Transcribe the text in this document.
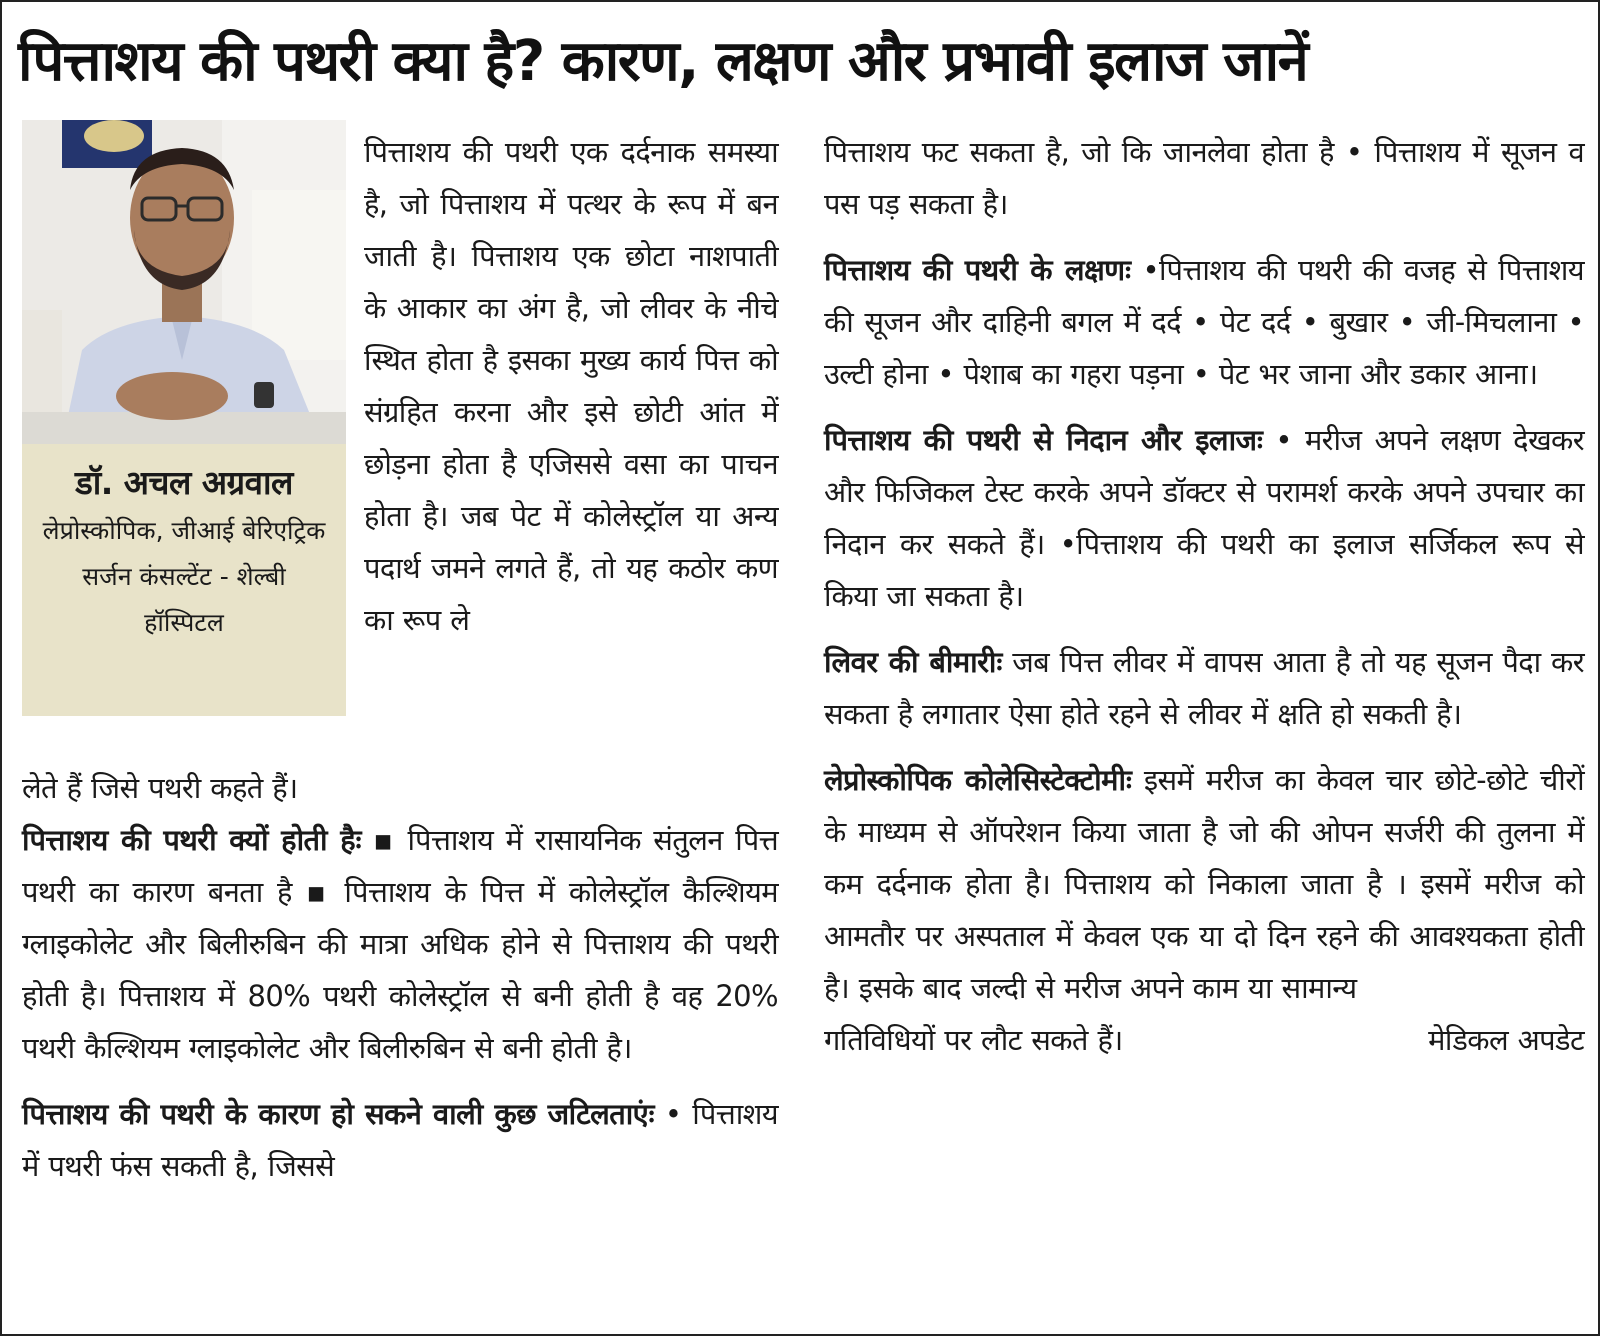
पित्ताशय की पथरी क्या है? कारण, लक्षण और प्रभावी इलाज जानें
डॉ. अचल अग्रवाल
लेप्रोस्कोपिक, जीआई बेरिएट्रिक सर्जन कंसल्टेंट - शेल्बी हॉस्पिटल
पित्ताशय की पथरी एक दर्दनाक समस्या है, जो पित्ताशय में पत्थर के रूप में बन जाती है। पित्ताशय एक छोटा नाशपाती के आकार का अंग है, जो लीवर के नीचे स्थित होता है इसका मुख्य कार्य पित्त को संग्रहित करना और इसे छोटी आंत में छोड़ना होता है एजिससे वसा का पाचन होता है। जब पेट में कोलेस्ट्रॉल या अन्य पदार्थ जमने लगते हैं, तो यह कठोर कण का रूप ले
लेते हैं जिसे पथरी कहते हैं।
पित्ताशय की पथरी क्यों होती हैः ▪ पित्ताशय में रासायनिक संतुलन पित्त पथरी का कारण बनता है ▪ पित्ताशय के पित्त में कोलेस्ट्रॉल कैल्शियम ग्लाइकोलेट और बिलीरुबिन की मात्रा अधिक होने से पित्ताशय की पथरी होती है। पित्ताशय में 80% पथरी कोलेस्ट्रॉल से बनी होती है वह 20% पथरी कैल्शियम ग्लाइकोलेट और बिलीरुबिन से बनी होती है।
पित्ताशय की पथरी के कारण हो सकने वाली कुछ जटिलताएंः • पित्ताशय में पथरी फंस सकती है, जिससे
पित्ताशय फट सकता है, जो कि जानलेवा होता है • पित्ताशय में सूजन व पस पड़ सकता है।
पित्ताशय की पथरी के लक्षणः •पित्ताशय की पथरी की वजह से पित्ताशय की सूजन और दाहिनी बगल में दर्द • पेट दर्द • बुखार • जी-मिचलाना • उल्टी होना • पेशाब का गहरा पड़ना • पेट भर जाना और डकार आना।
पित्ताशय की पथरी से निदान और इलाजः • मरीज अपने लक्षण देखकर और फिजिकल टेस्ट करके अपने डॉक्टर से परामर्श करके अपने उपचार का निदान कर सकते हैं। •पित्ताशय की पथरी का इलाज सर्जिकल रूप से किया जा सकता है।
लिवर की बीमारीः जब पित्त लीवर में वापस आता है तो यह सूजन पैदा कर सकता है लगातार ऐसा होते रहने से लीवर में क्षति हो सकती है।
लेप्रोस्कोपिक कोलेसिस्टेक्टोमीः इसमें मरीज का केवल चार छोटे-छोटे चीरों के माध्यम से ऑपरेशन किया जाता है जो की ओपन सर्जरी की तुलना में कम दर्दनाक होता है। पित्ताशय को निकाला जाता है । इसमें मरीज को आमतौर पर अस्पताल में केवल एक या दो दिन रहने की आवश्यकता होती है। इसके बाद जल्दी से मरीज अपने काम या सामान्य
गतिविधियों पर लौट सकते हैं।	मेडिकल अपडेट
